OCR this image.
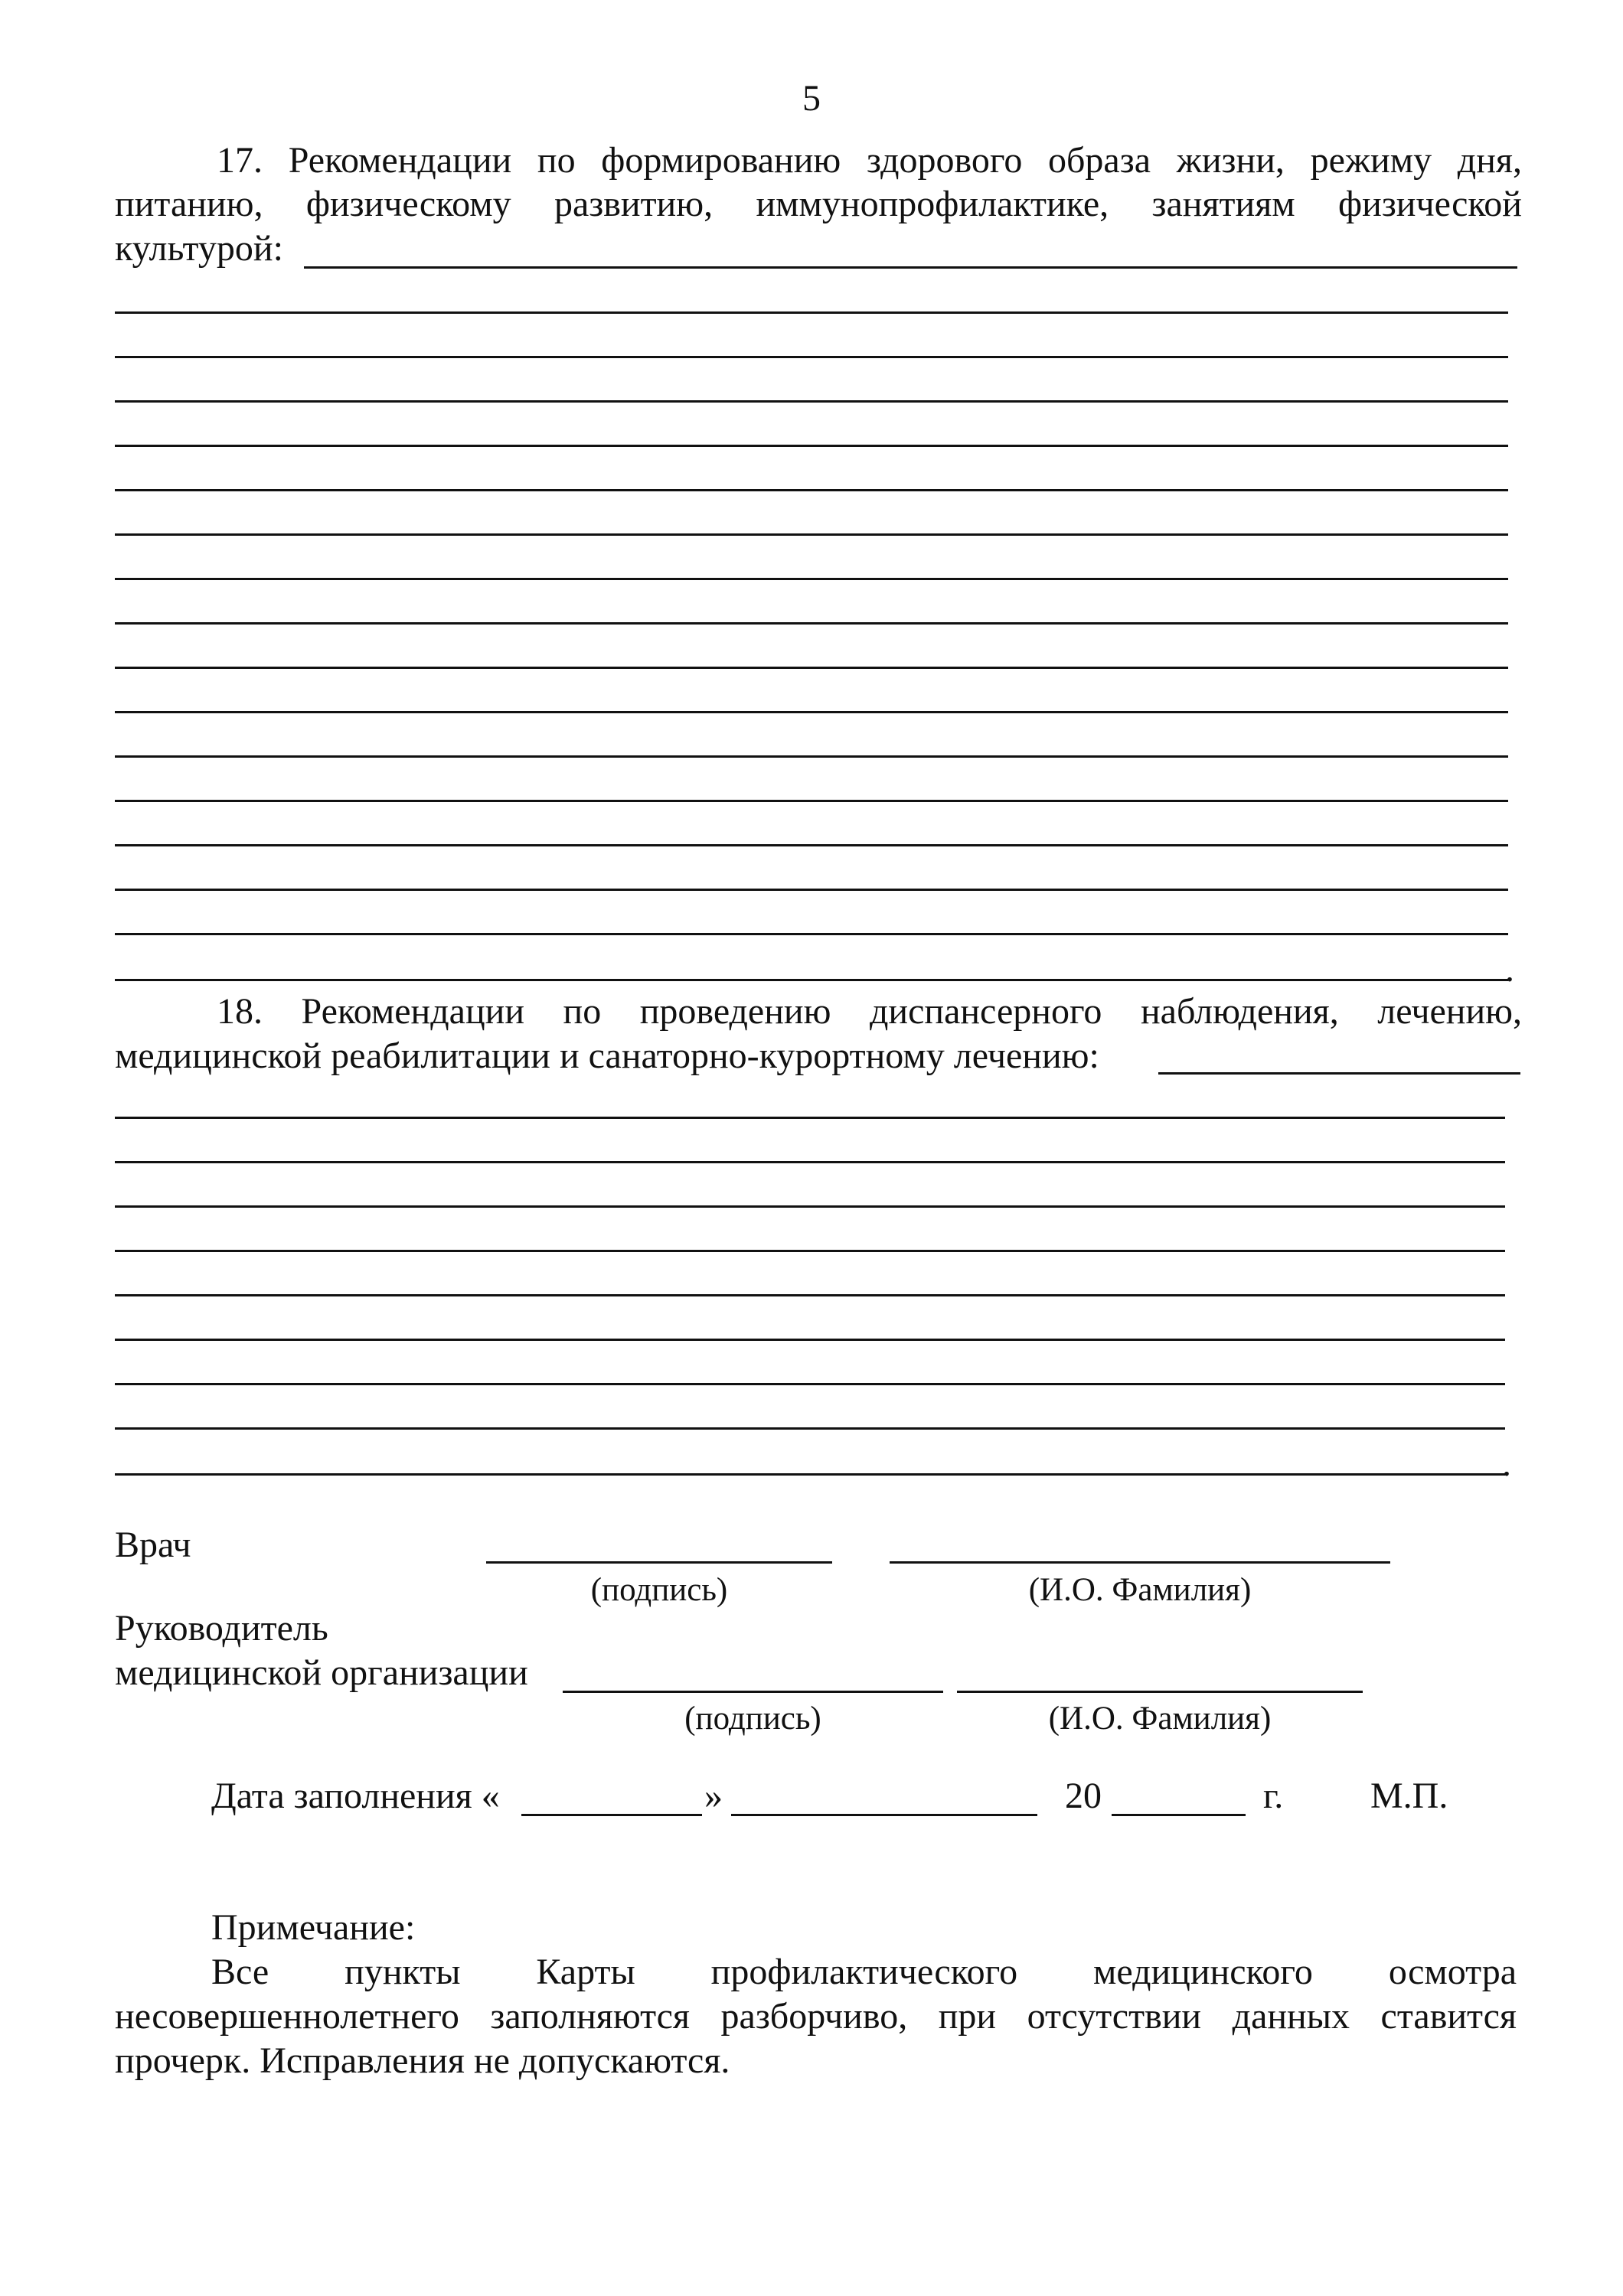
5
17. Рекомендации по формированию здорового образа жизни, режиму дня,
питанию, физическому развитию, иммунопрофилактике, занятиям физической
культурой:
.
18. Рекомендации по проведению диспансерного наблюдения, лечению,
медицинской реабилитации и санаторно-курортному лечению:
.
Врач
(подпись)	(И.О. Фамилия)
Руководитель
медицинской организации
(подпись)	(И.О. Фамилия)
Дата заполнения «	»	20	г. М.П.
Примечание:
Все пункты Карты профилактического медицинского осмотра
несовершеннолетнего заполняются разборчиво, при отсутствии данных ставится
прочерк. Исправления не допускаются.
